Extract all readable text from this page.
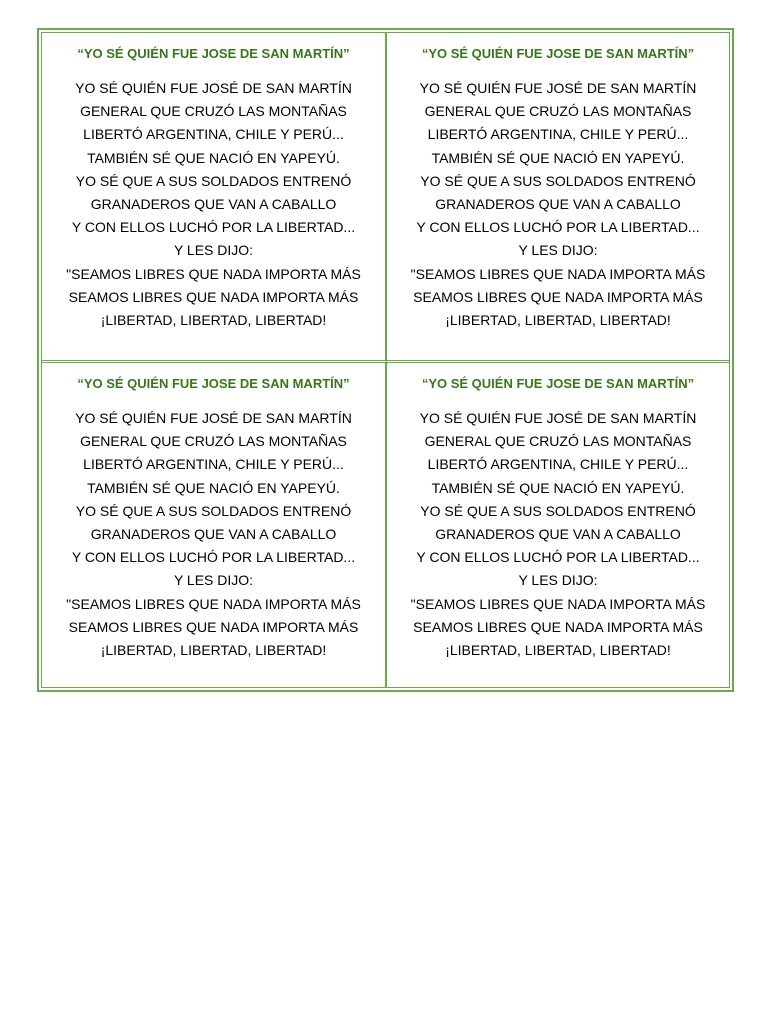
“YO SÉ QUIÉN FUE JOSE DE SAN MARTÍN”
YO SÉ QUIÉN FUE JOSÉ DE SAN MARTÍN
GENERAL QUE CRUZÓ LAS MONTAÑAS
LIBERTÓ ARGENTINA, CHILE Y PERÚ...
TAMBIÉN SÉ QUE NACIÓ EN YAPEYÚ.
YO SÉ QUE A SUS SOLDADOS ENTRENÓ
GRANADEROS QUE VAN A CABALLO
Y CON ELLOS LUCHÓ POR LA LIBERTAD...
Y LES DIJO:
"SEAMOS LIBRES QUE NADA IMPORTA MÁS
SEAMOS LIBRES QUE NADA IMPORTA MÁS
¡LIBERTAD, LIBERTAD, LIBERTAD!
“YO SÉ QUIÉN FUE JOSE DE SAN MARTÍN”
YO SÉ QUIÉN FUE JOSÉ DE SAN MARTÍN
GENERAL QUE CRUZÓ LAS MONTAÑAS
LIBERTÓ ARGENTINA, CHILE Y PERÚ...
TAMBIÉN SÉ QUE NACIÓ EN YAPEYÚ.
YO SÉ QUE A SUS SOLDADOS ENTRENÓ
GRANADEROS QUE VAN A CABALLO
Y CON ELLOS LUCHÓ POR LA LIBERTAD...
Y LES DIJO:
"SEAMOS LIBRES QUE NADA IMPORTA MÁS
SEAMOS LIBRES QUE NADA IMPORTA MÁS
¡LIBERTAD, LIBERTAD, LIBERTAD!
“YO SÉ QUIÉN FUE JOSE DE SAN MARTÍN”
YO SÉ QUIÉN FUE JOSÉ DE SAN MARTÍN
GENERAL QUE CRUZÓ LAS MONTAÑAS
LIBERTÓ ARGENTINA, CHILE Y PERÚ...
TAMBIÉN SÉ QUE NACIÓ EN YAPEYÚ.
YO SÉ QUE A SUS SOLDADOS ENTRENÓ
GRANADEROS QUE VAN A CABALLO
Y CON ELLOS LUCHÓ POR LA LIBERTAD...
Y LES DIJO:
"SEAMOS LIBRES QUE NADA IMPORTA MÁS
SEAMOS LIBRES QUE NADA IMPORTA MÁS
¡LIBERTAD, LIBERTAD, LIBERTAD!
“YO SÉ QUIÉN FUE JOSE DE SAN MARTÍN”
YO SÉ QUIÉN FUE JOSÉ DE SAN MARTÍN
GENERAL QUE CRUZÓ LAS MONTAÑAS
LIBERTÓ ARGENTINA, CHILE Y PERÚ...
TAMBIÉN SÉ QUE NACIÓ EN YAPEYÚ.
YO SÉ QUE A SUS SOLDADOS ENTRENÓ
GRANADEROS QUE VAN A CABALLO
Y CON ELLOS LUCHÓ POR LA LIBERTAD...
Y LES DIJO:
"SEAMOS LIBRES QUE NADA IMPORTA MÁS
SEAMOS LIBRES QUE NADA IMPORTA MÁS
¡LIBERTAD, LIBERTAD, LIBERTAD!
